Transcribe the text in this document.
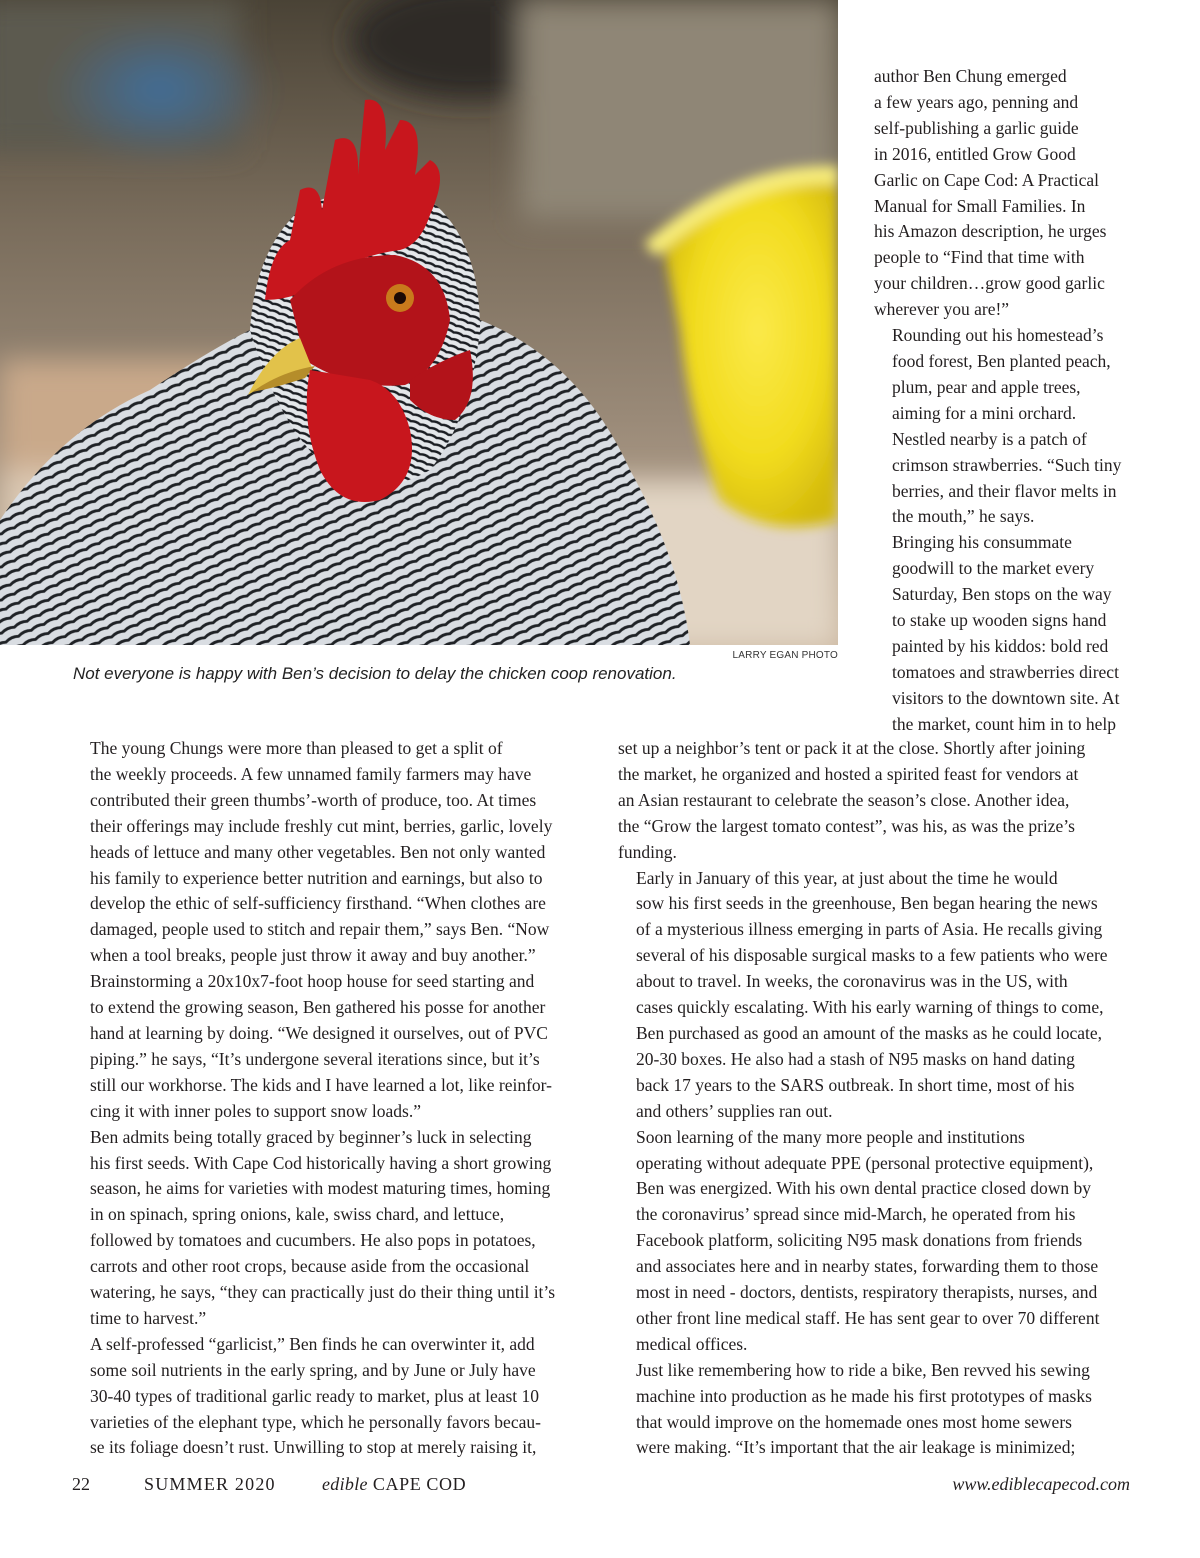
LARRY EGAN PHOTO
Not everyone is happy with Ben’s decision to delay the chicken coop renovation.

author Ben Chung emerged
a few years ago, penning and
self-publishing a garlic guide
in 2016, entitled Grow Good
Garlic on Cape Cod: A Practical
Manual for Small Families. In
his Amazon description, he urges
people to “Find that time with
your children…grow good garlic
wherever you are!”

Rounding out his homestead’s
food forest, Ben planted peach,
plum, pear and apple trees,
aiming for a mini orchard.
Nestled nearby is a patch of
crimson strawberries. “Such tiny
berries, and their flavor melts in
the mouth,” he says.

Bringing his consummate
goodwill to the market every
Saturday, Ben stops on the way
to stake up wooden signs hand
painted by his kiddos: bold red
tomatoes and strawberries direct
visitors to the downtown site. At
the market, count him in to help

The young Chungs were more than pleased to get a split of
the weekly proceeds. A few unnamed family farmers may have
contributed their green thumbs’-worth of produce, too. At times
their offerings may include freshly cut mint, berries, garlic, lovely
heads of lettuce and many other vegetables. Ben not only wanted
his family to experience better nutrition and earnings, but also to
develop the ethic of self-sufficiency firsthand. “When clothes are
damaged, people used to stitch and repair them,” says Ben. “Now
when a tool breaks, people just throw it away and buy another.”

Brainstorming a 20x10x7-foot hoop house for seed starting and
to extend the growing season, Ben gathered his posse for another
hand at learning by doing. “We designed it ourselves, out of PVC
piping.” he says, “It’s undergone several iterations since, but it’s
still our workhorse. The kids and I have learned a lot, like reinfor-
cing it with inner poles to support snow loads.”

Ben admits being totally graced by beginner’s luck in selecting
his first seeds. With Cape Cod historically having a short growing
season, he aims for varieties with modest maturing times, homing
in on spinach, spring onions, kale, swiss chard, and lettuce,
followed by tomatoes and cucumbers. He also pops in potatoes,
carrots and other root crops, because aside from the occasional
watering, he says, “they can practically just do their thing until it’s
time to harvest.”

A self-professed “garlicist,” Ben finds he can overwinter it, add
some soil nutrients in the early spring, and by June or July have
30-40 types of traditional garlic ready to market, plus at least 10
varieties of the elephant type, which he personally favors becau-
se its foliage doesn’t rust. Unwilling to stop at merely raising it,

set up a neighbor’s tent or pack it at the close. Shortly after joining
the market, he organized and hosted a spirited feast for vendors at
an Asian restaurant to celebrate the season’s close. Another idea,
the “Grow the largest tomato contest”, was his, as was the prize’s
funding.

Early in January of this year, at just about the time he would
sow his first seeds in the greenhouse, Ben began hearing the news
of a mysterious illness emerging in parts of Asia. He recalls giving
several of his disposable surgical masks to a few patients who were
about to travel. In weeks, the coronavirus was in the US, with
cases quickly escalating. With his early warning of things to come,
Ben purchased as good an amount of the masks as he could locate,
20-30 boxes. He also had a stash of N95 masks on hand dating
back 17 years to the SARS outbreak. In short time, most of his
and others’ supplies ran out.

Soon learning of the many more people and institutions
operating without adequate PPE (personal protective equipment),
Ben was energized. With his own dental practice closed down by
the coronavirus’ spread since mid-March, he operated from his
Facebook platform, soliciting N95 mask donations from friends
and associates here and in nearby states, forwarding them to those
most in need - doctors, dentists, respiratory therapists, nurses, and
other front line medical staff. He has sent gear to over 70 different
medical offices.

Just like remembering how to ride a bike, Ben revved his sewing
machine into production as he made his first prototypes of masks
that would improve on the homemade ones most home sewers
were making. “It’s important that the air leakage is minimized;

22	SUMMER 2020	edible CAPE COD	www.ediblecapecod.com
